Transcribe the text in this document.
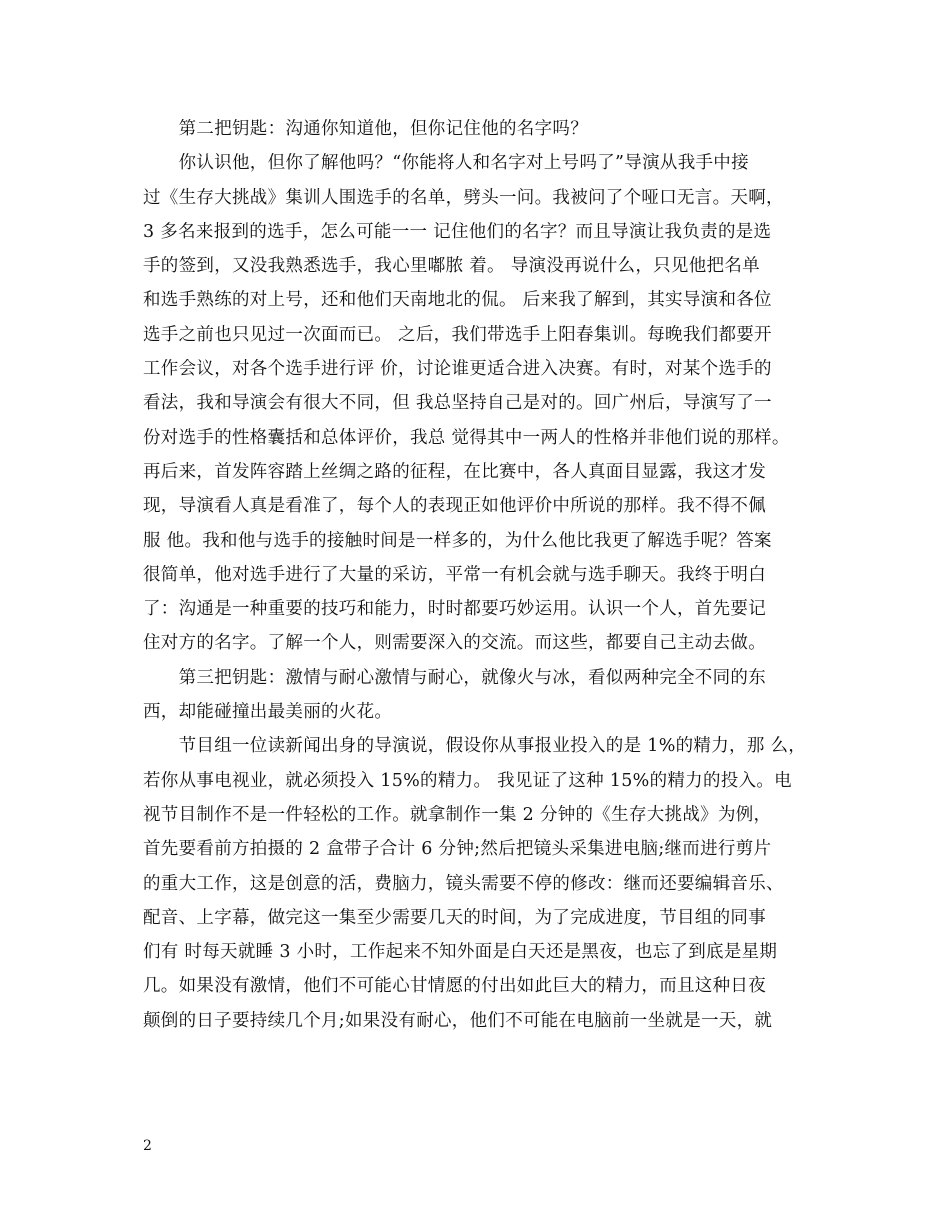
　　第二把钥匙：沟通你知道他，但你记住他的名字吗？
　　你认识他，但你了解他吗？“你能将人和名字对上号吗了”导演从我手中接
过《生存大挑战》集训人围选手的名单，劈头一问。我被问了个哑口无言。天啊，
3 多名来报到的选手，怎么可能一一 记住他们的名字？而且导演让我负责的是选
手的签到，又没我熟悉选手，我心里嘟脓 着。 导演没再说什么，只见他把名单
和选手熟练的对上号，还和他们天南地北的侃。 后来我了解到，其实导演和各位
选手之前也只见过一次面而已。 之后，我们带选手上阳春集训。每晚我们都要开
工作会议，对各个选手进行评 价，讨论谁更适合进入决赛。有时，对某个选手的
看法，我和导演会有很大不同，但 我总坚持自己是对的。回广州后，导演写了一
份对选手的性格囊括和总体评价，我总 觉得其中一两人的性格并非他们说的那样。
再后来，首发阵容踏上丝绸之路的征程，在比赛中，各人真面目显露，我这才发
现，导演看人真是看准了，每个人的表现正如他评价中所说的那样。我不得不佩
服 他。我和他与选手的接触时间是一样多的，为什么他比我更了解选手呢？答案
很简单，他对选手进行了大量的采访，平常一有机会就与选手聊天。我终于明白
了：沟通是一种重要的技巧和能力，时时都要巧妙运用。认识一个人，首先要记
住对方的名字。了解一个人，则需要深入的交流。而这些，都要自己主动去做。
　　第三把钥匙：激情与耐心激情与耐心，就像火与冰，看似两种完全不同的东
西，却能碰撞出最美丽的火花。
　　节目组一位读新闻出身的导演说，假设你从事报业投入的是 1%的精力，那 么，
若你从事电视业，就必须投入 15%的精力。 我见证了这种 15%的精力的投入。电
视节目制作不是一件轻松的工作。就拿制作一集 2 分钟的《生存大挑战》为例，
首先要看前方拍摄的 2 盒带子合计 6 分钟;然后把镜头采集进电脑;继而进行剪片
的重大工作，这是创意的活，费脑力，镜头需要不停的修改：继而还要编辑音乐、
配音、上字幕，做完这一集至少需要几天的时间，为了完成进度，节目组的同事
们有 时每天就睡 3 小时，工作起来不知外面是白天还是黑夜，也忘了到底是星期
几。如果没有激情，他们不可能心甘情愿的付出如此巨大的精力，而且这种日夜
颠倒的日子要持续几个月;如果没有耐心，他们不可能在电脑前一坐就是一天，就
2
